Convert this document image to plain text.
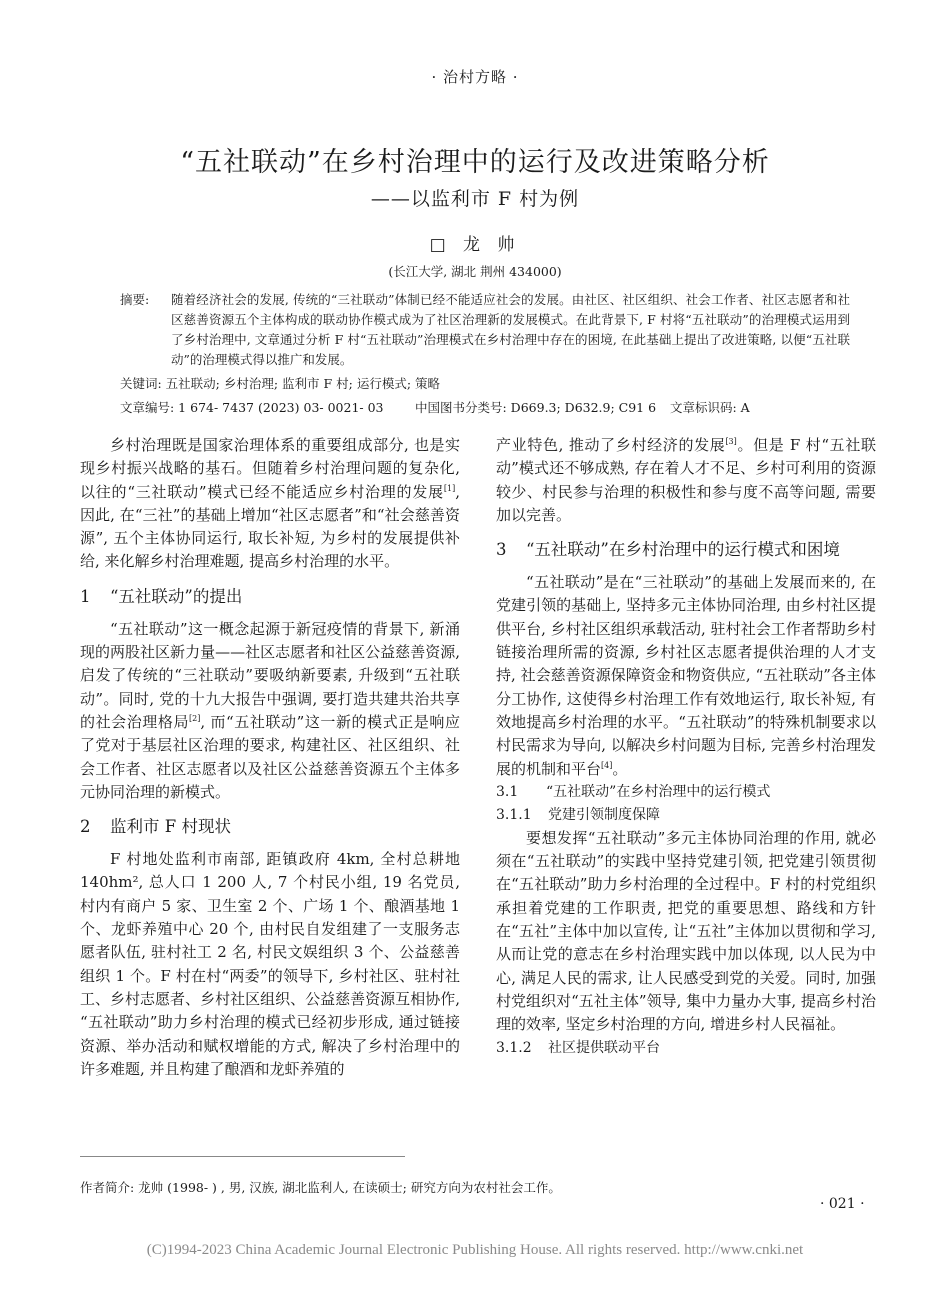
· 治村方略 ·
“五社联动”在乡村治理中的运行及改进策略分析
——以监利市 F 村为例
□ 龙 帅
(长江大学, 湖北 荆州 434000)
摘要: 随着经济社会的发展, 传统的“三社联动”体制已经不能适应社会的发展。由社区、社区组织、社会工作者、社区志愿者和社区慈善资源五个主体构成的联动协作模式成为了社区治理新的发展模式。在此背景下, F 村将“五社联动”的治理模式运用到了乡村治理中, 文章通过分析 F 村“五社联动”治理模式在乡村治理中存在的困境, 在此基础上提出了改进策略, 以便“五社联动”的治理模式得以推广和发展。
关键词: 五社联动; 乡村治理; 监利市 F 村; 运行模式; 策略
文章编号: 1 674- 7437 (2023) 03- 0021- 03	中国图书分类号: D669.3; D632.9; C91 6 文章标识码: A

乡村治理既是国家治理体系的重要组成部分, 也是实现乡村振兴战略的基石。但随着乡村治理问题的复杂化, 以往的“三社联动”模式已经不能适应乡村治理的发展[1], 因此, 在“三社”的基础上增加“社区志愿者”和“社会慈善资源”, 五个主体协同运行, 取长补短, 为乡村的发展提供补给, 来化解乡村治理难题, 提高乡村治理的水平。

1 “五社联动”的提出

“五社联动”这一概念起源于新冠疫情的背景下, 新涌现的两股社区新力量——社区志愿者和社区公益慈善资源, 启发了传统的“三社联动”要吸纳新要素, 升级到“五社联动”。同时, 党的十九大报告中强调, 要打造共建共治共享的社会治理格局[2], 而“五社联动”这一新的模式正是响应了党对于基层社区治理的要求, 构建社区、社区组织、社会工作者、社区志愿者以及社区公益慈善资源五个主体多元协同治理的新模式。

2 监利市 F 村现状

F 村地处监利市南部, 距镇政府 4km, 全村总耕地 140hm², 总人口 1 200 人, 7 个村民小组, 19 名党员, 村内有商户 5 家、卫生室 2 个、广场 1 个、酿酒基地 1 个、龙虾养殖中心 20 个, 由村民自发组建了一支服务志愿者队伍, 驻村社工 2 名, 村民文娱组织 3 个、公益慈善组织 1 个。F 村在村“两委”的领导下, 乡村社区、驻村社工、乡村志愿者、乡村社区组织、公益慈善资源互相协作, “五社联动”助力乡村治理的模式已经初步形成, 通过链接资源、举办活动和赋权增能的方式, 解决了乡村治理中的许多难题, 并且构建了酿酒和龙虾养殖的

产业特色, 推动了乡村经济的发展[3]。但是 F 村“五社联动”模式还不够成熟, 存在着人才不足、乡村可利用的资源较少、村民参与治理的积极性和参与度不高等问题, 需要加以完善。

3 “五社联动”在乡村治理中的运行模式和困境

“五社联动”是在“三社联动”的基础上发展而来的, 在党建引领的基础上, 坚持多元主体协同治理, 由乡村社区提供平台, 乡村社区组织承载活动, 驻村社会工作者帮助乡村链接治理所需的资源, 乡村社区志愿者提供治理的人才支持, 社会慈善资源保障资金和物资供应, “五社联动”各主体分工协作, 这使得乡村治理工作有效地运行, 取长补短, 有效地提高乡村治理的水平。“五社联动”的特殊机制要求以村民需求为导向, 以解决乡村问题为目标, 完善乡村治理发展的机制和平台[4]。

3.1 “五社联动”在乡村治理中的运行模式
3.1.1 党建引领制度保障

要想发挥“五社联动”多元主体协同治理的作用, 就必须在“五社联动”的实践中坚持党建引领, 把党建引领贯彻在“五社联动”助力乡村治理的全过程中。F 村的村党组织承担着党建的工作职责, 把党的重要思想、路线和方针在“五社”主体中加以宣传, 让“五社”主体加以贯彻和学习, 从而让党的意志在乡村治理实践中加以体现, 以人民为中心, 满足人民的需求, 让人民感受到党的关爱。同时, 加强村党组织对“五社主体”领导, 集中力量办大事, 提高乡村治理的效率, 坚定乡村治理的方向, 增进乡村人民福祉。

3.1.2 社区提供联动平台
作者简介: 龙帅 (1998- ) , 男, 汉族, 湖北监利人, 在读硕士; 研究方向为农村社会工作。
· 021 ·
(C)1994-2023 China Academic Journal Electronic Publishing House. All rights reserved. http://www.cnki.net
